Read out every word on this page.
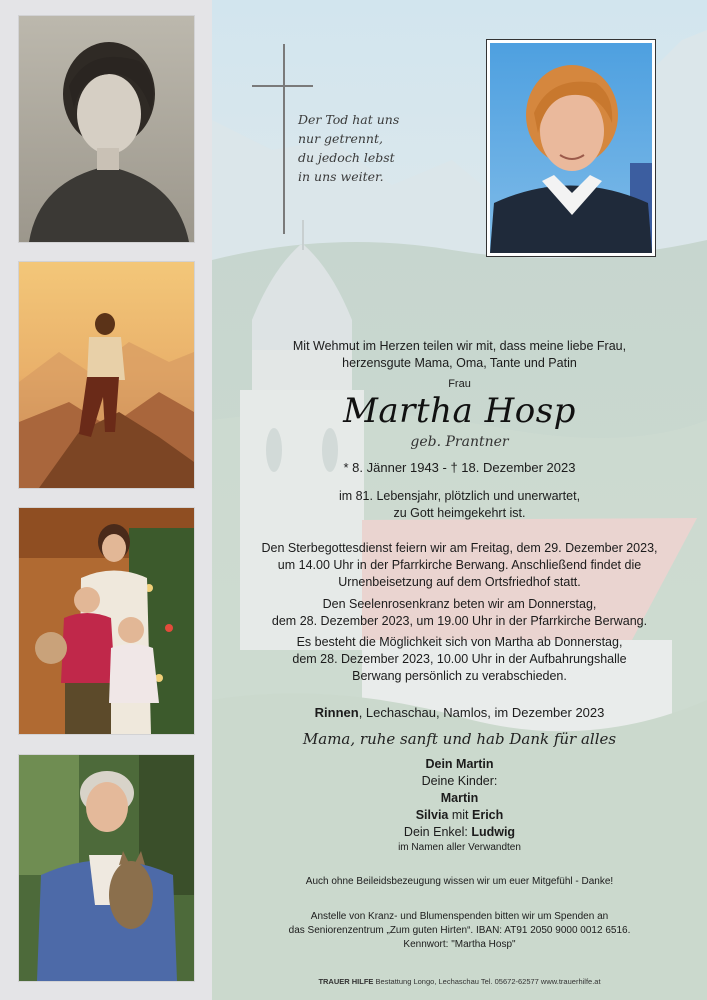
Der Tod hat uns
nur getrennt,
du jedoch lebst
in uns weiter.
Mit Wehmut im Herzen teilen wir mit, dass meine liebe Frau,
herzensgute Mama, Oma, Tante und Patin
Frau
Martha Hosp
geb. Prantner
* 8. Jänner 1943 - † 18. Dezember 2023
im 81. Lebensjahr, plötzlich und unerwartet,
zu Gott heimgekehrt ist.
Den Sterbegottesdienst feiern wir am Freitag, dem 29. Dezember 2023,
um 14.00 Uhr in der Pfarrkirche Berwang. Anschließend findet die
Urnenbeisetzung auf dem Ortsfriedhof statt.
Den Seelenrosenkranz beten wir am Donnerstag,
dem 28. Dezember 2023, um 19.00 Uhr in der Pfarrkirche Berwang.
Es besteht die Möglichkeit sich von Martha ab Donnerstag,
dem 28. Dezember 2023, 10.00 Uhr in der Aufbahrungshalle
Berwang persönlich zu verabschieden.
Rinnen, Lechaschau, Namlos, im Dezember 2023
Mama, ruhe sanft und hab Dank für alles
Dein Martin
Deine Kinder:
Martin
Silvia mit Erich
Dein Enkel: Ludwig
im Namen aller Verwandten
Auch ohne Beileidsbezeugung wissen wir um euer Mitgefühl - Danke!
Anstelle von Kranz- und Blumenspenden bitten wir um Spenden an
das Seniorenzentrum „Zum guten Hirten“. IBAN: AT91 2050 9000 0012 6516.
Kennwort: "Martha Hosp"
TRAUER HILFE Bestattung Longo, Lechaschau Tel. 05672-62577 www.trauerhilfe.at
